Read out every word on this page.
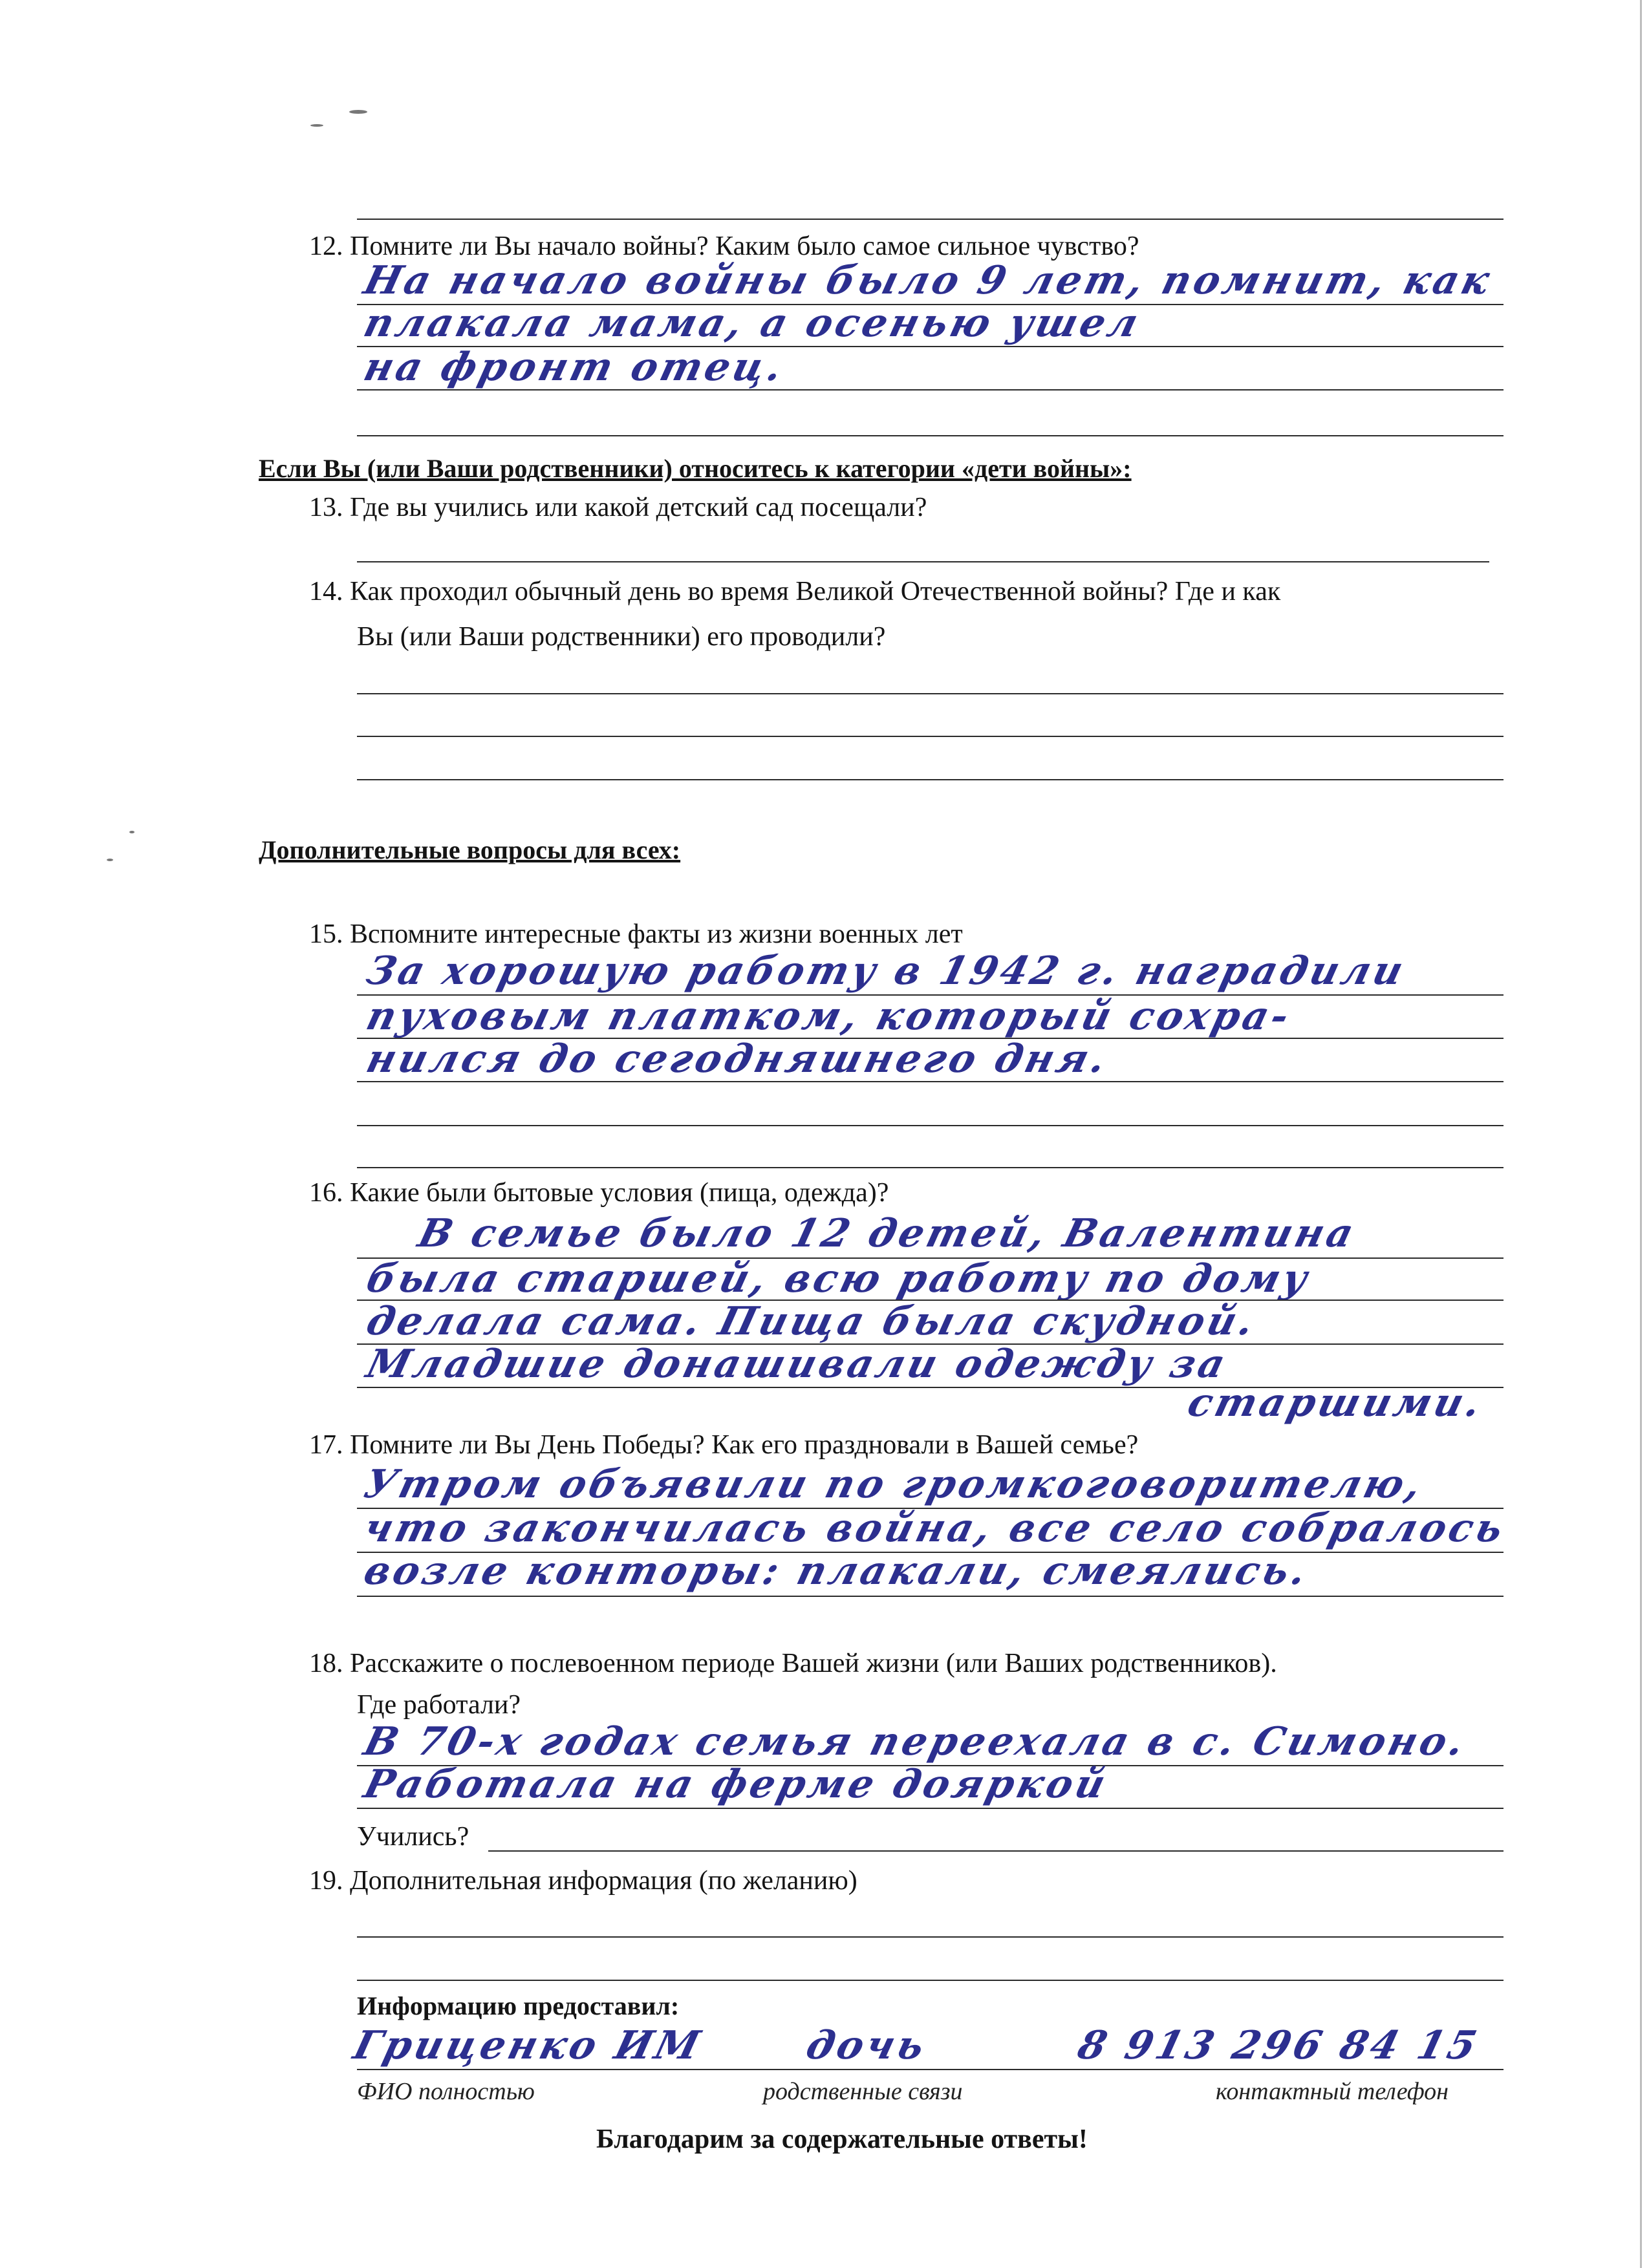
12. Помните ли Вы начало войны? Каким было самое сильное чувство?
На начало войны было 9 лет, помнит, как
плакала мама, а осенью ушел
на фронт отец.
Если Вы (или Ваши родственники) относитесь к категории «дети войны»:
13. Где вы учились или какой детский сад посещали?
14. Как проходил обычный день во время Великой Отечественной войны? Где и как
Вы (или Ваши родственники) его проводили?
Дополнительные вопросы для всех:
15. Вспомните интересные факты из жизни военных лет
За хорошую работу в 1942 г. наградили
пуховым платком, который сохра-
нился до сегодняшнего дня.
16. Какие были бытовые условия (пища, одежда)?
В семье было 12 детей, Валентина
была старшей, всю работу по дому
делала сама. Пища была скудной.
Младшие донашивали одежду за
старшими.
17. Помните ли Вы День Победы? Как его праздновали в Вашей семье?
Утром объявили по громкоговорителю,
что закончилась война, все село собралось
возле конторы: плакали, смеялись.
18. Расскажите о послевоенном периоде Вашей жизни (или Ваших родственников).
Где работали?
В 70-х годах семья переехала в с. Симоно.
Работала на ферме дояркой
Учились?
19. Дополнительная информация (по желанию)
Информацию предоставил:
Гриценко ИМ дочь	8 913 296 84 15
ФИО полностью	родственные связи	контактный телефон
Благодарим за содержательные ответы!
